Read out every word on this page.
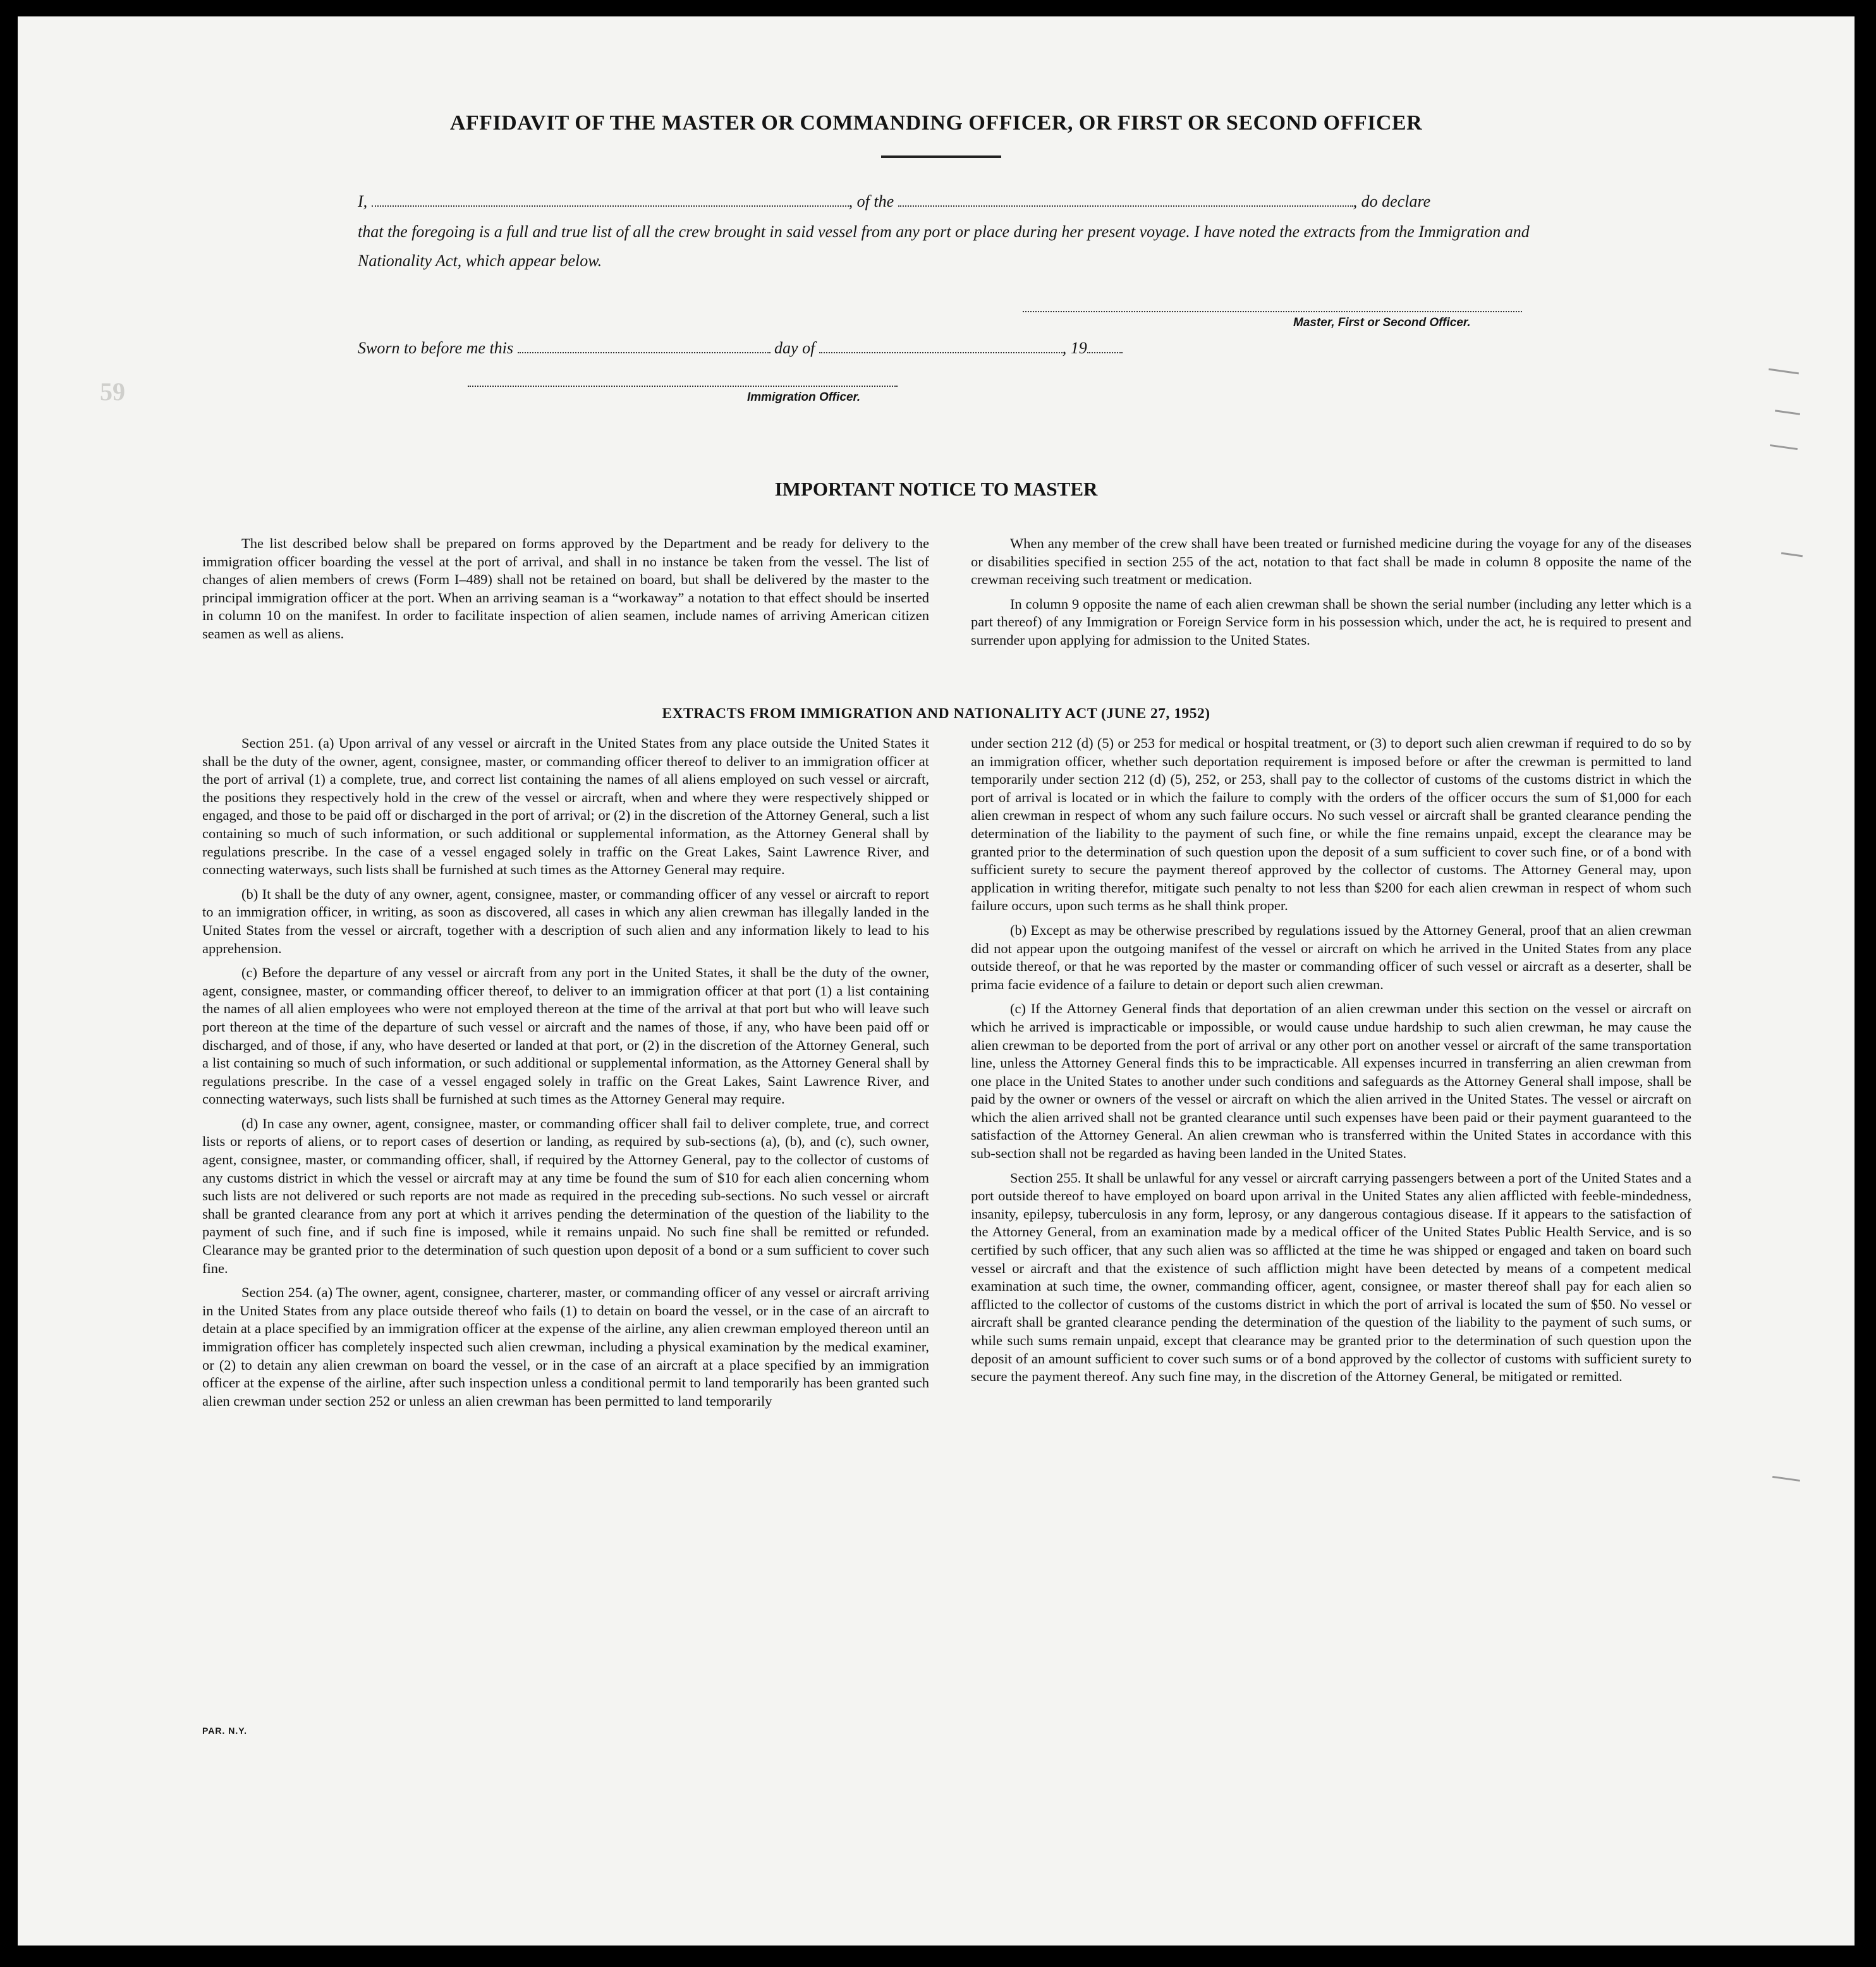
59
AFFIDAVIT OF THE MASTER OR COMMANDING OFFICER, OR FIRST OR SECOND OFFICER
I,	, of the	, do declare
that the foregoing is a full and true list of all the crew brought in said vessel from any port or place during her present voyage. I have noted the extracts from the Immigration and Nationality Act, which appear below.
Master, First or Second Officer.
Sworn to before me this	day of	, 19
Immigration Officer.
IMPORTANT NOTICE TO MASTER

The list described below shall be prepared on forms approved by the Department and be ready for delivery to the immigration officer boarding the vessel at the port of arrival, and shall in no instance be taken from the vessel. The list of changes of alien members of crews (Form I–489) shall not be retained on board, but shall be delivered by the master to the principal immigration officer at the port. When an arriving seaman is a “workaway” a notation to that effect should be inserted in column 10 on the manifest. In order to facilitate inspection of alien seamen, include names of arriving American citizen seamen as well as aliens.

When any member of the crew shall have been treated or furnished medicine during the voyage for any of the diseases or disabilities specified in section 255 of the act, notation to that fact shall be made in column 8 opposite the name of the crewman receiving such treatment or medication.

In column 9 opposite the name of each alien crewman shall be shown the serial number (including any letter which is a part thereof) of any Immigration or Foreign Service form in his possession which, under the act, he is required to present and surrender upon applying for admission to the United States.

EXTRACTS FROM IMMIGRATION AND NATIONALITY ACT (JUNE 27, 1952)

Section 251. (a) Upon arrival of any vessel or aircraft in the United States from any place outside the United States it shall be the duty of the owner, agent, consignee, master, or commanding officer thereof to deliver to an immigration officer at the port of arrival (1) a complete, true, and correct list containing the names of all aliens employed on such vessel or aircraft, the positions they respectively hold in the crew of the vessel or aircraft, when and where they were respectively shipped or engaged, and those to be paid off or discharged in the port of arrival; or (2) in the discretion of the Attorney General, such a list containing so much of such information, or such additional or supplemental information, as the Attorney General shall by regulations prescribe. In the case of a vessel engaged solely in traffic on the Great Lakes, Saint Lawrence River, and connecting waterways, such lists shall be furnished at such times as the Attorney General may require.

(b) It shall be the duty of any owner, agent, consignee, master, or commanding officer of any vessel or aircraft to report to an immigration officer, in writing, as soon as discovered, all cases in which any alien crewman has illegally landed in the United States from the vessel or aircraft, together with a description of such alien and any information likely to lead to his apprehension.

(c) Before the departure of any vessel or aircraft from any port in the United States, it shall be the duty of the owner, agent, consignee, master, or commanding officer thereof, to deliver to an immigration officer at that port (1) a list containing the names of all alien employees who were not employed thereon at the time of the arrival at that port but who will leave such port thereon at the time of the departure of such vessel or aircraft and the names of those, if any, who have been paid off or discharged, and of those, if any, who have deserted or landed at that port, or (2) in the discretion of the Attorney General, such a list containing so much of such information, or such additional or supplemental information, as the Attorney General shall by regulations prescribe. In the case of a vessel engaged solely in traffic on the Great Lakes, Saint Lawrence River, and connecting waterways, such lists shall be furnished at such times as the Attorney General may require.

(d) In case any owner, agent, consignee, master, or commanding officer shall fail to deliver complete, true, and correct lists or reports of aliens, or to report cases of desertion or landing, as required by sub-sections (a), (b), and (c), such owner, agent, consignee, master, or commanding officer, shall, if required by the Attorney General, pay to the collector of customs of any customs district in which the vessel or aircraft may at any time be found the sum of $10 for each alien concerning whom such lists are not delivered or such reports are not made as required in the preceding sub-sections. No such vessel or aircraft shall be granted clearance from any port at which it arrives pending the determination of the question of the liability to the payment of such fine, and if such fine is imposed, while it remains unpaid. No such fine shall be remitted or refunded. Clearance may be granted prior to the determination of such question upon deposit of a bond or a sum sufficient to cover such fine.

Section 254. (a) The owner, agent, consignee, charterer, master, or commanding officer of any vessel or aircraft arriving in the United States from any place outside thereof who fails (1) to detain on board the vessel, or in the case of an aircraft to detain at a place specified by an immigration officer at the expense of the airline, any alien crewman employed thereon until an immigration officer has completely inspected such alien crewman, including a physical examination by the medical examiner, or (2) to detain any alien crewman on board the vessel, or in the case of an aircraft at a place specified by an immigration officer at the expense of the airline, after such inspection unless a conditional permit to land temporarily has been granted such alien crewman under section 252 or unless an alien crewman has been permitted to land temporarily

under section 212 (d) (5) or 253 for medical or hospital treatment, or (3) to deport such alien crewman if required to do so by an immigration officer, whether such deportation requirement is imposed before or after the crewman is permitted to land temporarily under section 212 (d) (5), 252, or 253, shall pay to the collector of customs of the customs district in which the port of arrival is located or in which the failure to comply with the orders of the officer occurs the sum of $1,000 for each alien crewman in respect of whom any such failure occurs. No such vessel or aircraft shall be granted clearance pending the determination of the liability to the payment of such fine, or while the fine remains unpaid, except the clearance may be granted prior to the determination of such question upon the deposit of a sum sufficient to cover such fine, or of a bond with sufficient surety to secure the payment thereof approved by the collector of customs. The Attorney General may, upon application in writing therefor, mitigate such penalty to not less than $200 for each alien crewman in respect of whom such failure occurs, upon such terms as he shall think proper.

(b) Except as may be otherwise prescribed by regulations issued by the Attorney General, proof that an alien crewman did not appear upon the outgoing manifest of the vessel or aircraft on which he arrived in the United States from any place outside thereof, or that he was reported by the master or commanding officer of such vessel or aircraft as a deserter, shall be prima facie evidence of a failure to detain or deport such alien crewman.

(c) If the Attorney General finds that deportation of an alien crewman under this section on the vessel or aircraft on which he arrived is impracticable or impossible, or would cause undue hardship to such alien crewman, he may cause the alien crewman to be deported from the port of arrival or any other port on another vessel or aircraft of the same transportation line, unless the Attorney General finds this to be impracticable. All expenses incurred in transferring an alien crewman from one place in the United States to another under such conditions and safeguards as the Attorney General shall impose, shall be paid by the owner or owners of the vessel or aircraft on which the alien arrived in the United States. The vessel or aircraft on which the alien arrived shall not be granted clearance until such expenses have been paid or their payment guaranteed to the satisfaction of the Attorney General. An alien crewman who is transferred within the United States in accordance with this sub-section shall not be regarded as having been landed in the United States.

Section 255. It shall be unlawful for any vessel or aircraft carrying passengers between a port of the United States and a port outside thereof to have employed on board upon arrival in the United States any alien afflicted with feeble-mindedness, insanity, epilepsy, tuberculosis in any form, leprosy, or any dangerous contagious disease. If it appears to the satisfaction of the Attorney General, from an examination made by a medical officer of the United States Public Health Service, and is so certified by such officer, that any such alien was so afflicted at the time he was shipped or engaged and taken on board such vessel or aircraft and that the existence of such affliction might have been detected by means of a competent medical examination at such time, the owner, commanding officer, agent, consignee, or master thereof shall pay for each alien so afflicted to the collector of customs of the customs district in which the port of arrival is located the sum of $50. No vessel or aircraft shall be granted clearance pending the determination of the question of the liability to the payment of such sums, or while such sums remain unpaid, except that clearance may be granted prior to the determination of such question upon the deposit of an amount sufficient to cover such sums or of a bond approved by the collector of customs with sufficient surety to secure the payment thereof. Any such fine may, in the discretion of the Attorney General, be mitigated or remitted.

PAR. N.Y.
